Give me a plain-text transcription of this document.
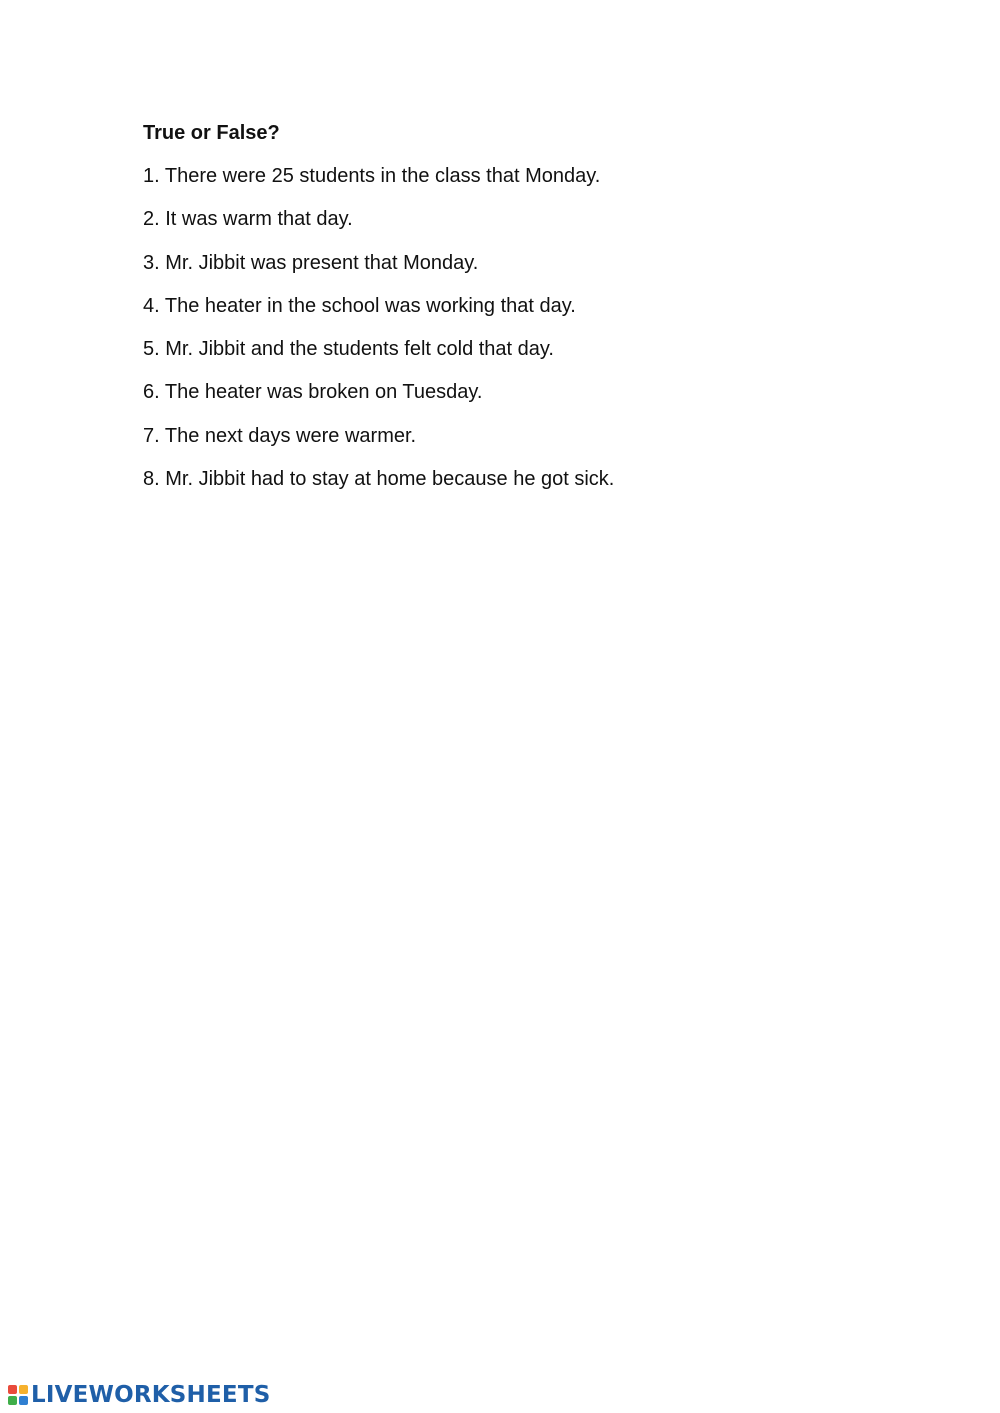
True or False?
1. There were 25 students in the class that Monday.
2. It was warm that day.
3. Mr. Jibbit was present that Monday.
4. The heater in the school was working that day.
5. Mr. Jibbit and the students felt cold that day.
6. The heater was broken on Tuesday.
7. The next days were warmer.
8. Mr. Jibbit had to stay at home because he got sick.
LIVEWORKSHEETS
